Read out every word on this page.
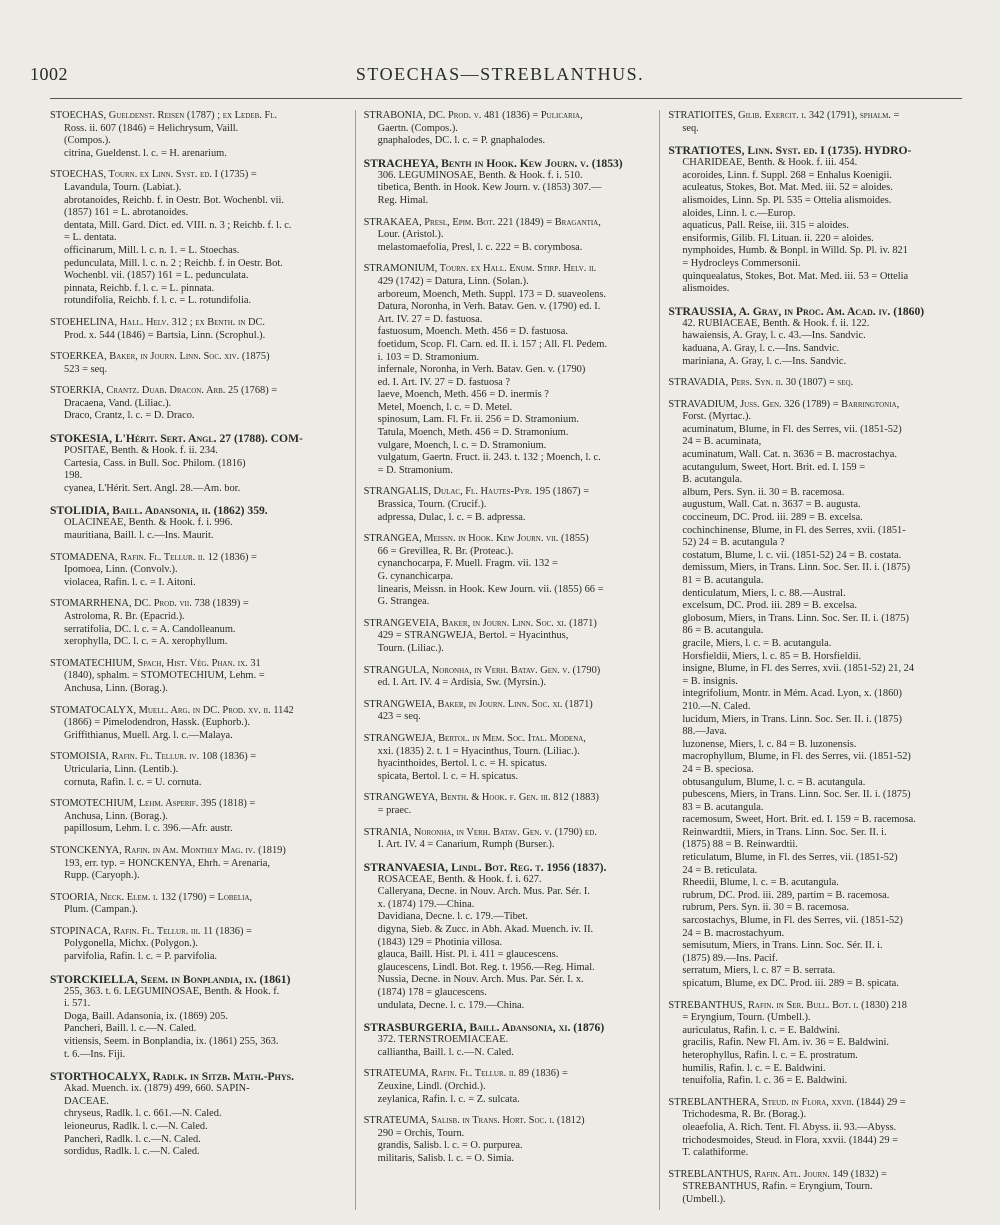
1002	STOECHAS—STREBLANTHUS.
STOECHAS, Gueldenst. Reisen (1787) ; ex Ledeb. Fl.
Ross. ii. 607 (1846) = Helichrysum, Vaill.
(Compos.).
citrina, Gueldenst. l. c. = H. arenarium.
STOECHAS, Tourn. ex Linn. Syst. ed. I (1735) =
Lavandula, Tourn. (Labiat.).
abrotanoides, Reichb. f. in Oestr. Bot. Wochenbl. vii.
(1857) 161 = L. abrotanoides.
dentata, Mill. Gard. Dict. ed. VIII. n. 3 ; Reichb. f. l. c.
= L. dentata.
officinarum, Mill. l. c. n. 1. = L. Stoechas.
pedunculata, Mill. l. c. n. 2 ; Reichb. f. in Oestr. Bot.
Wochenbl. vii. (1857) 161 = L. pedunculata.
pinnata, Reichb. f. l. c. = L. pinnata.
rotundifolia, Reichb. f. l. c. = L. rotundifolia.
STOEHELINA, Hall. Helv. 312 ; ex Benth. in DC.
Prod. x. 544 (1846) = Bartsia, Linn. (Scrophul.).
STOERKEA, Baker, in Journ. Linn. Soc. xiv. (1875)
523 = seq.
STOERKIA, Crantz. Duab. Dracon. Arb. 25 (1768) =
Dracaena, Vand. (Liliac.).
Draco, Crantz, l. c. = D. Draco.
STOKESIA, L'Hérit. Sert. Angl. 27 (1788). COM-
POSITAE, Benth. & Hook. f. ii. 234.
Cartesia, Cass. in Bull. Soc. Philom. (1816)
198.
cyanea, L'Hérit. Sert. Angl. 28.—Am. bor.
STOLIDIA, Baill. Adansonia, ii. (1862) 359.
OLACINEAE, Benth. & Hook. f. i. 996.
mauritiana, Baill. l. c.—Ins. Maurit.
STOMADENA, Rafin. Fl. Tellur. ii. 12 (1836) =
Ipomoea, Linn. (Convolv.).
violacea, Rafin. l. c. = I. Aitoni.
STOMARRHENA, DC. Prod. vii. 738 (1839) =
Astroloma, R. Br. (Epacrid.).
serratifolia, DC. l. c. = A. Candolleanum.
xerophylla, DC. l. c. = A. xerophyllum.
STOMATECHIUM, Spach, Hist. Vég. Phan. ix. 31
(1840), sphalm. = STOMOTECHIUM, Lehm. =
Anchusa, Linn. (Borag.).
STOMATOCALYX, Muell. Arg. in DC. Prod. xv. ii. 1142
(1866) = Pimelodendron, Hassk. (Euphorb.).
Griffithianus, Muell. Arg. l. c.—Malaya.
STOMOISIA, Rafin. Fl. Tellur. iv. 108 (1836) =
Utricularia, Linn. (Lentib.).
cornuta, Rafin. l. c. = U. cornuta.
STOMOTECHIUM, Lehm. Asperif. 395 (1818) =
Anchusa, Linn. (Borag.).
papillosum, Lehm. l. c. 396.—Afr. austr.
STONCKENYA, Rafin. in Am. Monthly Mag. iv. (1819)
193, err. typ. = HONCKENYA, Ehrh. = Arenaria,
Rupp. (Caryoph.).
STOORIA, Neck. Elem. i. 132 (1790) = Lobelia,
Plum. (Campan.).
STOPINACA, Rafin. Fl. Tellur. iii. 11 (1836) =
Polygonella, Michx. (Polygon.).
parvifolia, Rafin. l. c. = P. parvifolia.
STORCKIELLA, Seem. in Bonplandia, ix. (1861)
255, 363. t. 6. LEGUMINOSAE, Benth. & Hook. f.
i. 571.
Doga, Baill. Adansonia, ix. (1869) 205.
Pancheri, Baill. l. c.—N. Caled.
vitiensis, Seem. in Bonplandia, ix. (1861) 255, 363.
t. 6.—Ins. Fiji.
STORTHOCALYX, Radlk. in Sitzb. Math.-Phys.
Akad. Muench. ix. (1879) 499, 660. SAPIN-
DACEAE.
chryseus, Radlk. l. c. 661.—N. Caled.
leioneurus, Radlk. l. c.—N. Caled.
Pancheri, Radlk. l. c.—N. Caled.
sordidus, Radlk. l. c.—N. Caled.
STRABONIA, DC. Prod. v. 481 (1836) = Pulicaria,
Gaertn. (Compos.).
gnaphalodes, DC. l. c. = P. gnaphalodes.
STRACHEYA, Benth in Hook. Kew Journ. v. (1853)
306. LEGUMINOSAE, Benth. & Hook. f. i. 510.
tibetica, Benth. in Hook. Kew Journ. v. (1853) 307.—
Reg. Himal.
STRAKAEA, Presl, Epim. Bot. 221 (1849) = Bragantia,
Lour. (Aristol.).
melastomaefolia, Presl, l. c. 222 = B. corymbosa.
STRAMONIUM, Tourn. ex Hall. Enum. Stirp. Helv. ii.
429 (1742) = Datura, Linn. (Solan.).
arboreum, Moench, Meth. Suppl. 173 = D. suaveolens.
Datura, Noronha, in Verh. Batav. Gen. v. (1790) ed. I.
Art. IV. 27 = D. fastuosa.
fastuosum, Moench. Meth. 456 = D. fastuosa.
foetidum, Scop. Fl. Carn. ed. II. i. 157 ; All. Fl. Pedem.
i. 103 = D. Stramonium.
infernale, Noronha, in Verh. Batav. Gen. v. (1790)
ed. I. Art. IV. 27 = D. fastuosa ?
laeve, Moench, Meth. 456 = D. inermis ?
Metel, Moench, l. c. = D. Metel.
spinosum, Lam. Fl. Fr. ii. 256 = D. Stramonium.
Tatula, Moench, Meth. 456 = D. Stramonium.
vulgare, Moench, l. c. = D. Stramonium.
vulgatum, Gaertn. Fruct. ii. 243. t. 132 ; Moench, l. c.
= D. Stramonium.
STRANGALIS, Dulac, Fl. Hautes-Pyr. 195 (1867) =
Brassica, Tourn. (Crucif.).
adpressa, Dulac, l. c. = B. adpressa.
STRANGEA, Meissn. in Hook. Kew Journ. vii. (1855)
66 = Grevillea, R. Br. (Proteac.).
cynanchocarpa, F. Muell. Fragm. vii. 132 =
G. cynanchicarpa.
linearis, Meissn. in Hook. Kew Journ. vii. (1855) 66 =
G. Strangea.
STRANGEVEIA, Baker, in Journ. Linn. Soc. xi. (1871)
429 = STRANGWEJA, Bertol. = Hyacinthus,
Tourn. (Liliac.).
STRANGULA, Noronha, in Verh. Batav. Gen. v. (1790)
ed. I. Art. IV. 4 = Ardisia, Sw. (Myrsin.).
STRANGWEIA, Baker, in Journ. Linn. Soc. xi. (1871)
423 = seq.
STRANGWEJA, Bertol. in Mem. Soc. Ital. Modena,
xxi. (1835) 2. t. 1 = Hyacinthus, Tourn. (Liliac.).
hyacinthoides, Bertol. l. c. = H. spicatus.
spicata, Bertol. l. c. = H. spicatus.
STRANGWEYA, Benth. & Hook. f. Gen. iii. 812 (1883)
= praec.
STRANIA, Noronha, in Verh. Batav. Gen. v. (1790) ed.
I. Art. IV. 4 = Canarium, Rumph (Burser.).
STRANVAESIA, Lindl. Bot. Reg. t. 1956 (1837).
ROSACEAE, Benth. & Hook. f. i. 627.
Calleryana, Decne. in Nouv. Arch. Mus. Par. Sér. I.
x. (1874) 179.—China.
Davidiana, Decne. l. c. 179.—Tibet.
digyna, Sieb. & Zucc. in Abh. Akad. Muench. iv. II.
(1843) 129 = Photinia villosa.
glauca, Baill. Hist. Pl. i. 411 = glaucescens.
glaucescens, Lindl. Bot. Reg. t. 1956.—Reg. Himal.
Nussia, Decne. in Nouv. Arch. Mus. Par. Sér. I. x.
(1874) 178 = glaucescens.
undulata, Decne. l. c. 179.—China.
STRASBURGERIA, Baill. Adansonia, xi. (1876)
372. TERNSTROEMIACEAE.
calliantha, Baill. l. c.—N. Caled.
STRATEUMA, Rafin. Fl. Tellur. ii. 89 (1836) =
Zeuxine, Lindl. (Orchid.).
zeylanica, Rafin. l. c. = Z. sulcata.
STRATEUMA, Salisb. in Trans. Hort. Soc. i. (1812)
290 = Orchis, Tourn.
grandis, Salisb. l. c. = O. purpurea.
militaris, Salisb. l. c. = O. Simia.
STRATIOITES, Gilib. Exercit. i. 342 (1791), sphalm. =
seq.
STRATIOTES, Linn. Syst. ed. I (1735). HYDRO-
CHARIDEAE, Benth. & Hook. f. iii. 454.
acoroides, Linn. f. Suppl. 268 = Enhalus Koenigii.
aculeatus, Stokes, Bot. Mat. Med. iii. 52 = aloides.
alismoides, Linn. Sp. Pl. 535 = Ottelia alismoides.
aloides, Linn. l. c.—Europ.
aquaticus, Pall. Reise, iii. 315 = aloides.
ensiformis, Gilib. Fl. Lituan. ii. 220 = aloides.
nymphoides, Humb. & Bonpl. in Willd. Sp. Pl. iv. 821
= Hydrocleys Commersonii.
quinquealatus, Stokes, Bot. Mat. Med. iii. 53 = Ottelia
alismoides.
STRAUSSIA, A. Gray, in Proc. Am. Acad. iv. (1860)
42. RUBIACEAE, Benth. & Hook. f. ii. 122.
hawaiensis, A. Gray, l. c. 43.—Ins. Sandvic.
kaduana, A. Gray, l. c.—Ins. Sandvic.
mariniana, A. Gray, l. c.—Ins. Sandvic.
STRAVADIA, Pers. Syn. ii. 30 (1807) = seq.
STRAVADIUM, Juss. Gen. 326 (1789) = Barringtonia,
Forst. (Myrtac.).
acuminatum, Blume, in Fl. des Serres, vii. (1851-52)
24 = B. acuminata,
acuminatum, Wall. Cat. n. 3636 = B. macrostachya.
acutangulum, Sweet, Hort. Brit. ed. I. 159 =
B. acutangula.
album, Pers. Syn. ii. 30 = B. racemosa.
augustum, Wall. Cat. n. 3637 = B. augusta.
coccineum, DC. Prod. iii. 289 = B. excelsa.
cochinchinense, Blume, in Fl. des Serres, xvii. (1851-
52) 24 = B. acutangula ?
costatum, Blume, l. c. vii. (1851-52) 24 = B. costata.
demissum, Miers, in Trans. Linn. Soc. Ser. II. i. (1875)
81 = B. acutangula.
denticulatum, Miers, l. c. 88.—Austral.
excelsum, DC. Prod. iii. 289 = B. excelsa.
globosum, Miers, in Trans. Linn. Soc. Ser. II. i. (1875)
86 = B. acutangula.
gracile, Miers, l. c. = B. acutangula.
Horsfieldii, Miers, l. c. 85 = B. Horsfieldii.
insigne, Blume, in Fl. des Serres, xvii. (1851-52) 21, 24
= B. insignis.
integrifolium, Montr. in Mém. Acad. Lyon, x. (1860)
210.—N. Caled.
lucidum, Miers, in Trans. Linn. Soc. Ser. II. i. (1875)
88.—Java.
luzonense, Miers, l. c. 84 = B. luzonensis.
macrophyllum, Blume, in Fl. des Serres, vii. (1851-52)
24 = B. speciosa.
obtusangulum, Blume, l. c. = B. acutangula.
pubescens, Miers, in Trans. Linn. Soc. Ser. II. i. (1875)
83 = B. acutangula.
racemosum, Sweet, Hort. Brit. ed. I. 159 = B. racemosa.
Reinwardtii, Miers, in Trans. Linn. Soc. Ser. II. i.
(1875) 88 = B. Reinwardtii.
reticulatum, Blume, in Fl. des Serres, vii. (1851-52)
24 = B. reticulata.
Rheedii, Blume, l. c. = B. acutangula.
rubrum, DC. Prod. iii. 289, partim = B. racemosa.
rubrum, Pers. Syn. ii. 30 = B. racemosa.
sarcostachys, Blume, in Fl. des Serres, vii. (1851-52)
24 = B. macrostachyum.
semisutum, Miers, in Trans. Linn. Soc. Sér. II. i.
(1875) 89.—Ins. Pacif.
serratum, Miers, l. c. 87 = B. serrata.
spicatum, Blume, ex DC. Prod. iii. 289 = B. spicata.
STREBANTHUS, Rafin. in Ser. Bull. Bot. i. (1830) 218
= Eryngium, Tourn. (Umbell.).
auriculatus, Rafin. l. c. = E. Baldwini.
gracilis, Rafin. New Fl. Am. iv. 36 = E. Baldwini.
heterophyllus, Rafin. l. c. = E. prostratum.
humilis, Rafin. l. c. = E. Baldwini.
tenuifolia, Rafin. l. c. 36 = E. Baldwini.
STREBLANTHERA, Steud. in Flora, xxvii. (1844) 29 =
Trichodesma, R. Br. (Borag.).
oleaefolia, A. Rich. Tent. Fl. Abyss. ii. 93.—Abyss.
trichodesmoides, Steud. in Flora, xxvii. (1844) 29 =
T. calathiforme.
STREBLANTHUS, Rafin. Atl. Journ. 149 (1832) =
STREBANTHUS, Rafin. = Eryngium, Tourn.
(Umbell.).
